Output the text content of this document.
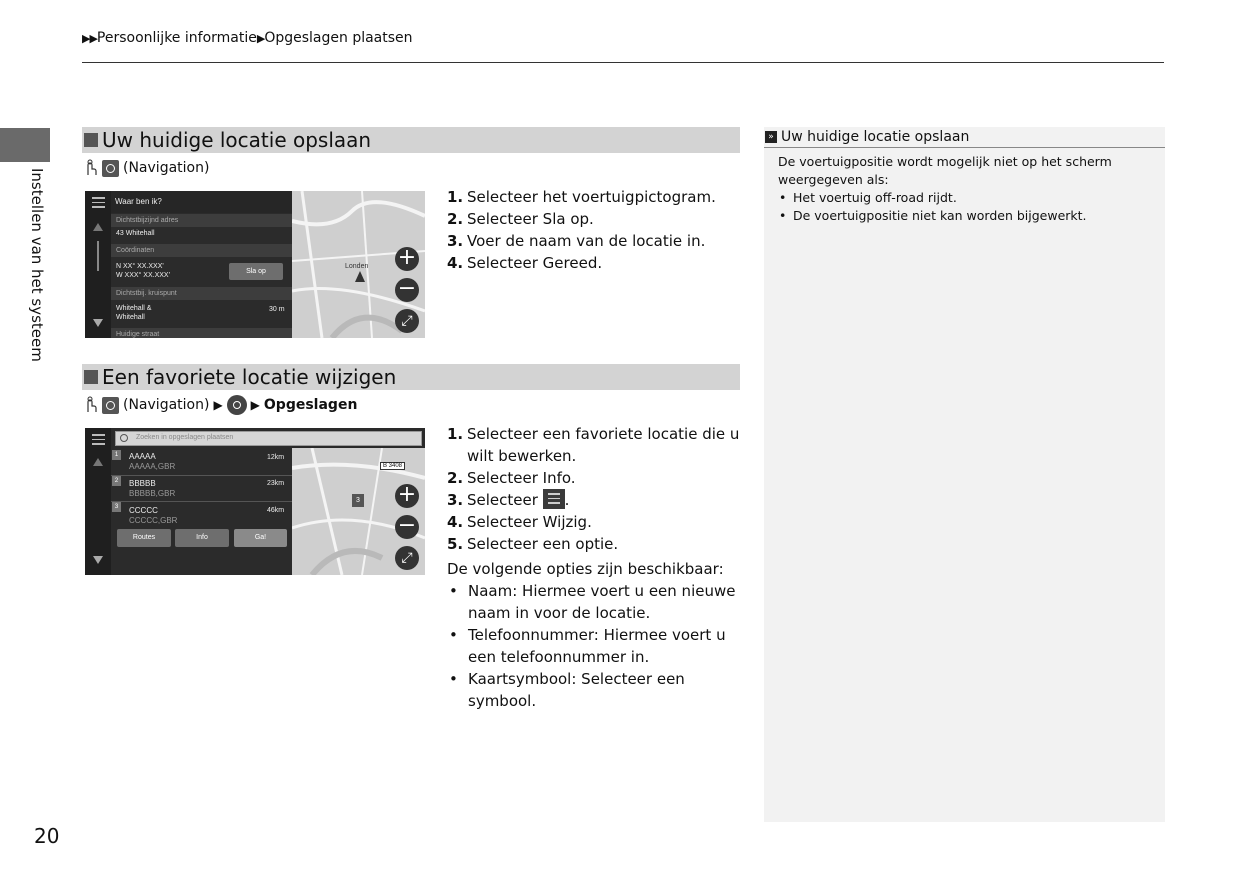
▶▶Persoonlijke informatie▶Opgeslagen plaatsen
Instellen van het systeem
20
Uw huidige locatie opslaan
(Navigation)
Waar ben ik?
Dichtstbijzijnd adres
43 Whitehall
Coördinaten
N XX° XX.XXX'
W XXX° XX.XXX'
Sla op
Dichtstbij. kruispunt
Whitehall &
Whitehall
30 m
Huidige straat
Londen +
−
⤢
1. Selecteer het voertuigpictogram.
2. Selecteer Sla op.
3. Voer de naam van de locatie in.
4. Selecteer Gereed.
Een favoriete locatie wijzigen
(Navigation) ▶ ▶ Opgeslagen
Zoeken in opgeslagen plaatsen
1	AAAAA
AAAAA,GBR
12km
2	BBBBB
BBBBB,GBR
23km
3	CCCCC
CCCCC,GBR
46km
Routes	Info	Ga!
B 3408
3 +
−
⤢
1. Selecteer een favoriete locatie die u
wilt bewerken.
2. Selecteer Info.
3. Selecteer
.
4. Selecteer Wijzig.
5. Selecteer een optie.
De volgende opties zijn beschikbaar:
• Naam: Hiermee voert u een nieuwe
naam in voor de locatie.
• Telefoonnummer: Hiermee voert u
een telefoonnummer in.
• Kaartsymbool: Selecteer een
symbool.
» Uw huidige locatie opslaan
De voertuigpositie wordt mogelijk niet op het scherm
weergegeven als:
• Het voertuig off-road rijdt.
• De voertuigpositie niet kan worden bijgewerkt.
